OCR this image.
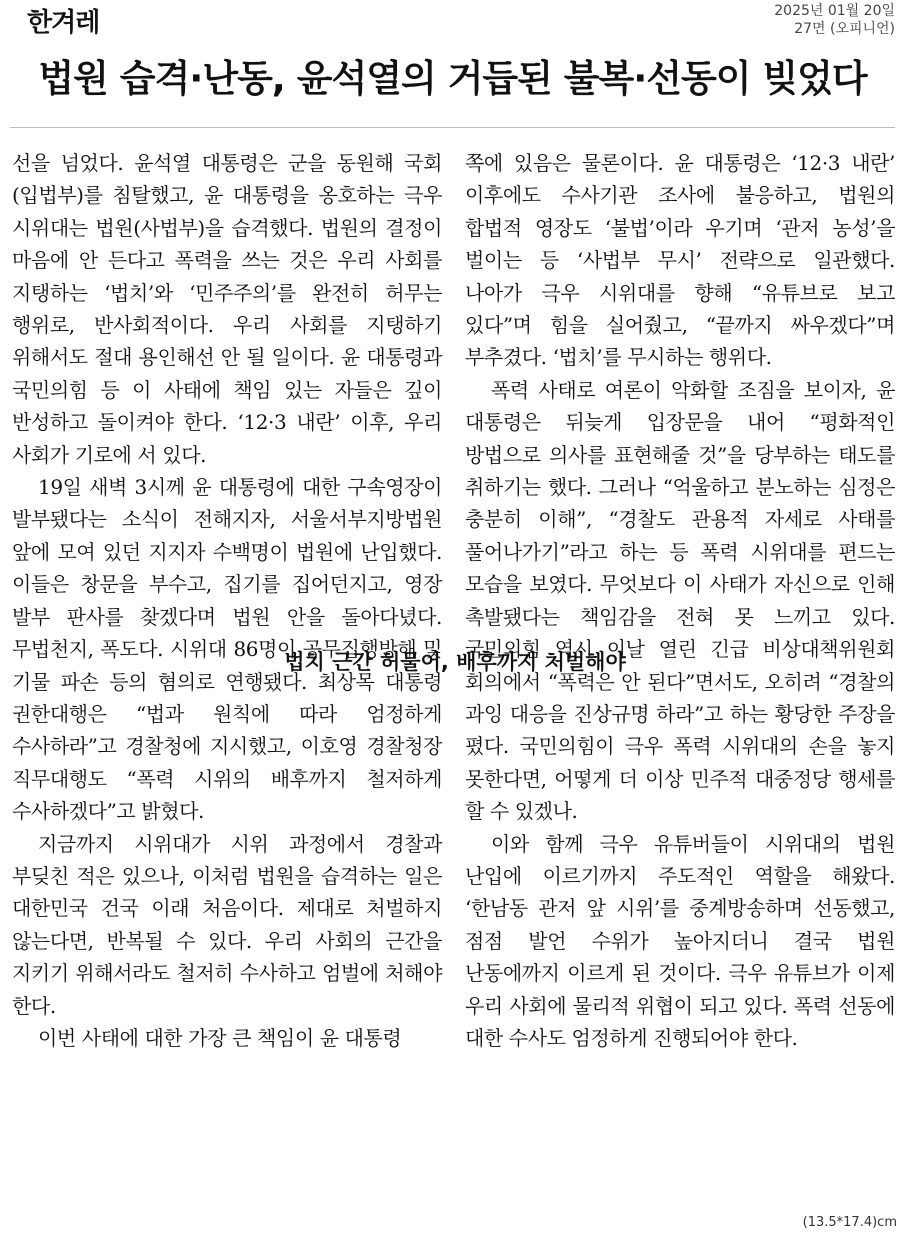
한겨레	2025년 01월 20일
27면 (오피니언)
법원 습격·난동, 윤석열의 거듭된 불복·선동이 빚었다

선을 넘었다. 윤석열 대통령은 군을 동원해 국회(입법부)를 침탈했고, 윤 대통령을 옹호하는 극우 시위대는 법원(사법부)을 습격했다. 법원의 결정이 마음에 안 든다고 폭력을 쓰는 것은 우리 사회를 지탱하는 ‘법치’와 ‘민주주의’를 완전히 허무는 행위로, 반사회적이다. 우리 사회를 지탱하기 위해서도 절대 용인해선 안 될 일이다. 윤 대통령과 국민의힘 등 이 사태에 책임 있는 자들은 깊이 반성하고 돌이켜야 한다. ‘12·3 내란’ 이후, 우리 사회가 기로에 서 있다.

19일 새벽 3시께 윤 대통령에 대한 구속영장이 발부됐다는 소식이 전해지자, 서울서부지방법원 앞에 모여 있던 지지자 수백명이 법원에 난입했다. 이들은 창문을 부수고, 집기를 집어던지고, 영장 발부 판사를 찾겠다며 법원 안을 돌아다녔다. 무법천지, 폭도다. 시위대 86명이 공무집행방해 및 기물 파손 등의 혐의로 연행됐다. 최상목 대통령 권한대행은 “법과 원칙에 따라 엄정하게 수사하라”고 경찰청에 지시했고, 이호영 경찰청장 직무대행도 “폭력 시위의 배후까지 철저하게 수사하겠다”고 밝혔다.

지금까지 시위대가 시위 과정에서 경찰과 부딪친 적은 있으나, 이처럼 법원을 습격하는 일은 대한민국 건국 이래 처음이다. 제대로 처벌하지 않는다면, 반복될 수 있다. 우리 사회의 근간을 지키기 위해서라도 철저히 수사하고 엄벌에 처해야 한다.

이번 사태에 대한 가장 큰 책임이 윤 대통령

쪽에 있음은 물론이다. 윤 대통령은 ‘12·3 내란’ 이후에도 수사기관 조사에 불응하고, 법원의 합법적 영장도 ‘불법’이라 우기며 ‘관저 농성’을 벌이는 등 ‘사법부 무시’ 전략으로 일관했다. 나아가 극우 시위대를 향해 “유튜브로 보고 있다”며 힘을 실어줬고, “끝까지 싸우겠다”며 부추겼다. ‘법치’를 무시하는 행위다.

폭력 사태로 여론이 악화할 조짐을 보이자, 윤 대통령은 뒤늦게 입장문을 내어 “평화적인 방법으로 의사를 표현해줄 것”을 당부하는 태도를 취하기는 했다. 그러나 “억울하고 분노하는 심정은 충분히 이해”, “경찰도 관용적 자세로 사태를 풀어나가기”라고 하는 등 폭력 시위대를 편드는 모습을 보였다. 무엇보다 이 사태가 자신으로 인해 촉발됐다는 책임감을 전혀 못 느끼고 있다. 국민의힘 역시 이날 열린 긴급 비상대책위원회 회의에서 “폭력은 안 된다”면서도, 오히려 “경찰의 과잉 대응을 진상규명 하라”고 하는 황당한 주장을 폈다. 국민의힘이 극우 폭력 시위대의 손을 놓지 못한다면, 어떻게 더 이상 민주적 대중정당 행세를 할 수 있겠나.

이와 함께 극우 유튜버들이 시위대의 법원 난입에 이르기까지 주도적인 역할을 해왔다. ‘한남동 관저 앞 시위’를 중계방송하며 선동했고, 점점 발언 수위가 높아지더니 결국 법원 난동에까지 이르게 된 것이다. 극우 유튜브가 이제 우리 사회에 물리적 위협이 되고 있다. 폭력 선동에 대한 수사도 엄정하게 진행되어야 한다.

법치 근간 허물어, 배후까지 처벌해야
(13.5*17.4)cm
